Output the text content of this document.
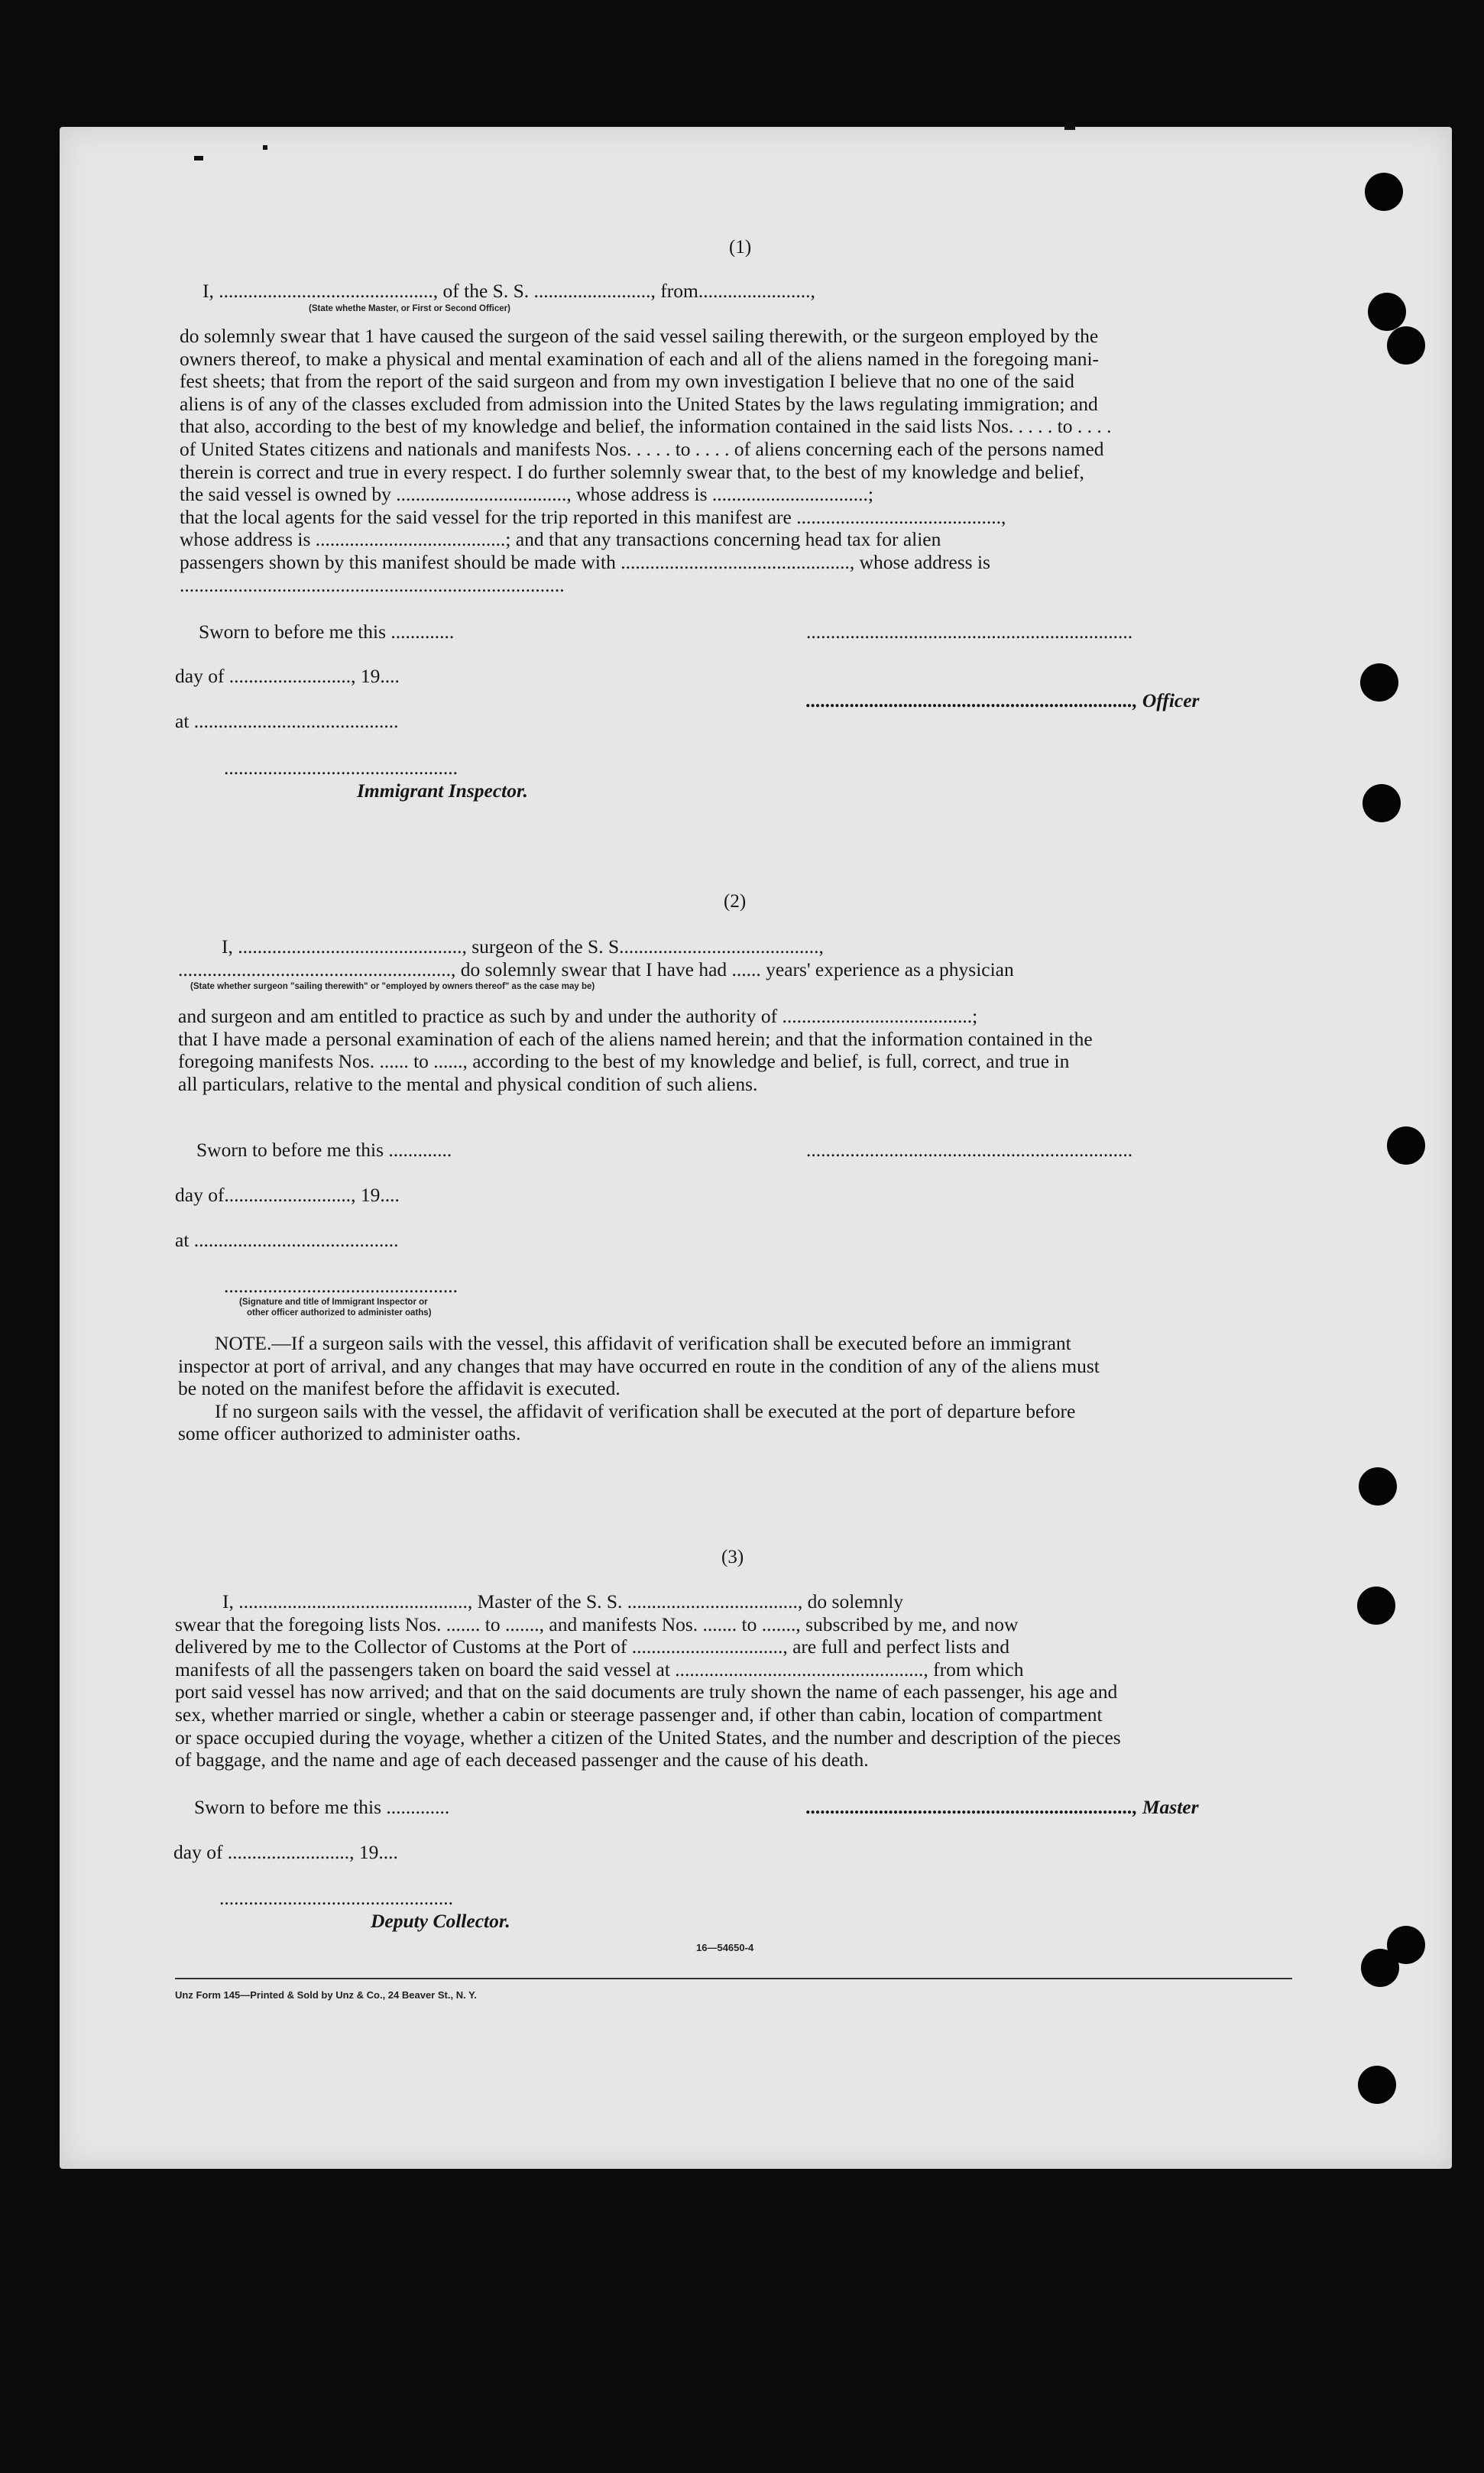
(1)
I, ............................................, of the S. S. ........................, from.......................,
(State whethe Master, or First or Second Officer)
do solemnly swear that 1 have caused the surgeon of the said vessel sailing therewith, or the surgeon employed by the
owners thereof, to make a physical and mental examination of each and all of the aliens named in the foregoing mani-
fest sheets; that from the report of the said surgeon and from my own investigation I believe that no one of the said
aliens is of any of the classes excluded from admission into the United States by the laws regulating immigration; and
that also, according to the best of my knowledge and belief, the information contained in the said lists Nos. . . . . to . . . .
of United States citizens and nationals and manifests Nos. . . . . to . . . . of aliens concerning each of the persons named
therein is correct and true in every respect. I do further solemnly swear that, to the best of my knowledge and belief,
the said vessel is owned by ..................................., whose address is ................................;
that the local agents for the said vessel for the trip reported in this manifest are ..........................................,
whose address is .......................................; and that any transactions concerning head tax for alien
passengers shown by this manifest should be made with ..............................................., whose address is
...............................................................................
Sworn to before me this .............	...................................................................
day of ........................., 19....
..................................................................., Officer
at ..........................................
................................................
Immigrant Inspector.
(2)
I, .............................................., surgeon of the S. S.........................................,
........................................................, do solemnly swear that I have had ...... years' experience as a physician
(State whether surgeon "sailing therewith" or "employed by owners thereof" as the case may be)
and surgeon and am entitled to practice as such by and under the authority of .......................................;
that I have made a personal examination of each of the aliens named herein; and that the information contained in the
foregoing manifests Nos. ...... to ......, according to the best of my knowledge and belief, is full, correct, and true in
all particulars, relative to the mental and physical condition of such aliens.
Sworn to before me this .............	...................................................................
day of.........................., 19....
at ..........................................
................................................
(Signature and title of Immigrant Inspector or
other officer authorized to administer oaths)
NOTE.—If a surgeon sails with the vessel, this affidavit of verification shall be executed before an immigrant
inspector at port of arrival, and any changes that may have occurred en route in the condition of any of the aliens must
be noted on the manifest before the affidavit is executed.
If no surgeon sails with the vessel, the affidavit of verification shall be executed at the port of departure before
some officer authorized to administer oaths.
(3)
I, ..............................................., Master of the S. S. ..................................., do solemnly
swear that the foregoing lists Nos. ....... to ......., and manifests Nos. ....... to ......., subscribed by me, and now
delivered by me to the Collector of Customs at the Port of ..............................., are full and perfect lists and
manifests of all the passengers taken on board the said vessel at ..................................................., from which
port said vessel has now arrived; and that on the said documents are truly shown the name of each passenger, his age and
sex, whether married or single, whether a cabin or steerage passenger and, if other than cabin, location of compartment
or space occupied during the voyage, whether a citizen of the United States, and the number and description of the pieces
of baggage, and the name and age of each deceased passenger and the cause of his death.
Sworn to before me this .............	..................................................................., Master
day of ........................., 19....
................................................
Deputy Collector.
16—54650-4
Unz Form 145—Printed & Sold by Unz & Co., 24 Beaver St., N. Y.
